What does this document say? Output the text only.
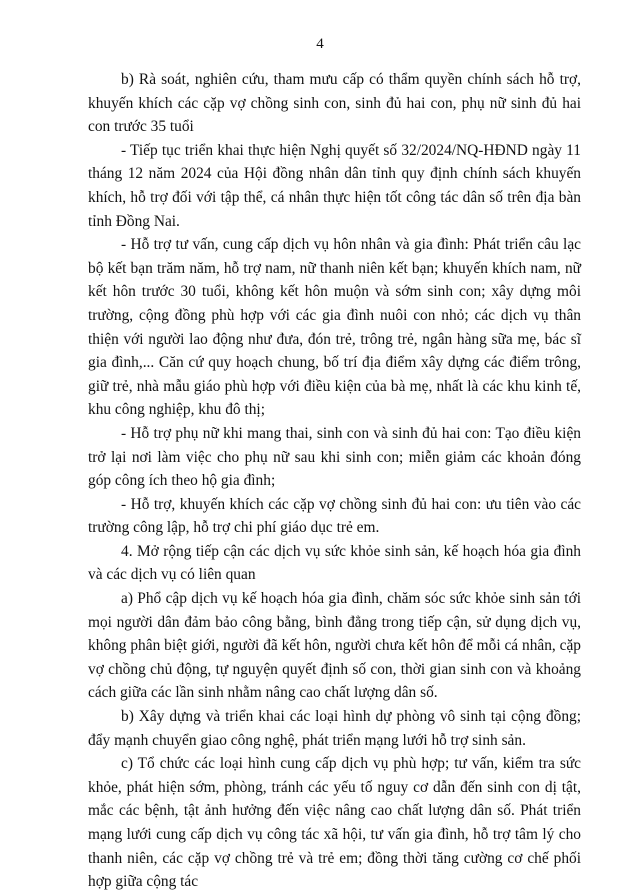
4

b) Rà soát, nghiên cứu, tham mưu cấp có thẩm quyền chính sách hỗ trợ, khuyến khích các cặp vợ chồng sinh con, sinh đủ hai con, phụ nữ sinh đủ hai con trước 35 tuổi

- Tiếp tục triển khai thực hiện Nghị quyết số 32/2024/NQ-HĐND ngày 11 tháng 12 năm 2024 của Hội đồng nhân dân tỉnh quy định chính sách khuyến khích, hỗ trợ đối với tập thể, cá nhân thực hiện tốt công tác dân số trên địa bàn tỉnh Đồng Nai.

- Hỗ trợ tư vấn, cung cấp dịch vụ hôn nhân và gia đình: Phát triển câu lạc bộ kết bạn trăm năm, hỗ trợ nam, nữ thanh niên kết bạn; khuyến khích nam, nữ kết hôn trước 30 tuổi, không kết hôn muộn và sớm sinh con; xây dựng môi trường, cộng đồng phù hợp với các gia đình nuôi con nhỏ; các dịch vụ thân thiện với người lao động như đưa, đón trẻ, trông trẻ, ngân hàng sữa mẹ, bác sĩ gia đình,... Căn cứ quy hoạch chung, bố trí địa điểm xây dựng các điểm trông, giữ trẻ, nhà mẫu giáo phù hợp với điều kiện của bà mẹ, nhất là các khu kinh tế, khu công nghiệp, khu đô thị;

- Hỗ trợ phụ nữ khi mang thai, sinh con và sinh đủ hai con: Tạo điều kiện trở lại nơi làm việc cho phụ nữ sau khi sinh con; miễn giảm các khoản đóng góp công ích theo hộ gia đình;

- Hỗ trợ, khuyến khích các cặp vợ chồng sinh đủ hai con: ưu tiên vào các trường công lập, hỗ trợ chi phí giáo dục trẻ em.

4. Mở rộng tiếp cận các dịch vụ sức khỏe sinh sản, kế hoạch hóa gia đình và các dịch vụ có liên quan

a) Phổ cập dịch vụ kế hoạch hóa gia đình, chăm sóc sức khỏe sinh sản tới mọi người dân đảm bảo công bằng, bình đẳng trong tiếp cận, sử dụng dịch vụ, không phân biệt giới, người đã kết hôn, người chưa kết hôn để mỗi cá nhân, cặp vợ chồng chủ động, tự nguyện quyết định số con, thời gian sinh con và khoảng cách giữa các lần sinh nhằm nâng cao chất lượng dân số.

b) Xây dựng và triển khai các loại hình dự phòng vô sinh tại cộng đồng; đẩy mạnh chuyển giao công nghệ, phát triển mạng lưới hỗ trợ sinh sản.

c) Tổ chức các loại hình cung cấp dịch vụ phù hợp; tư vấn, kiểm tra sức khỏe, phát hiện sớm, phòng, tránh các yếu tố nguy cơ dẫn đến sinh con dị tật, mắc các bệnh, tật ảnh hưởng đến việc nâng cao chất lượng dân số. Phát triển mạng lưới cung cấp dịch vụ công tác xã hội, tư vấn gia đình, hỗ trợ tâm lý cho thanh niên, các cặp vợ chồng trẻ và trẻ em; đồng thời tăng cường cơ chế phối hợp giữa cộng tác
